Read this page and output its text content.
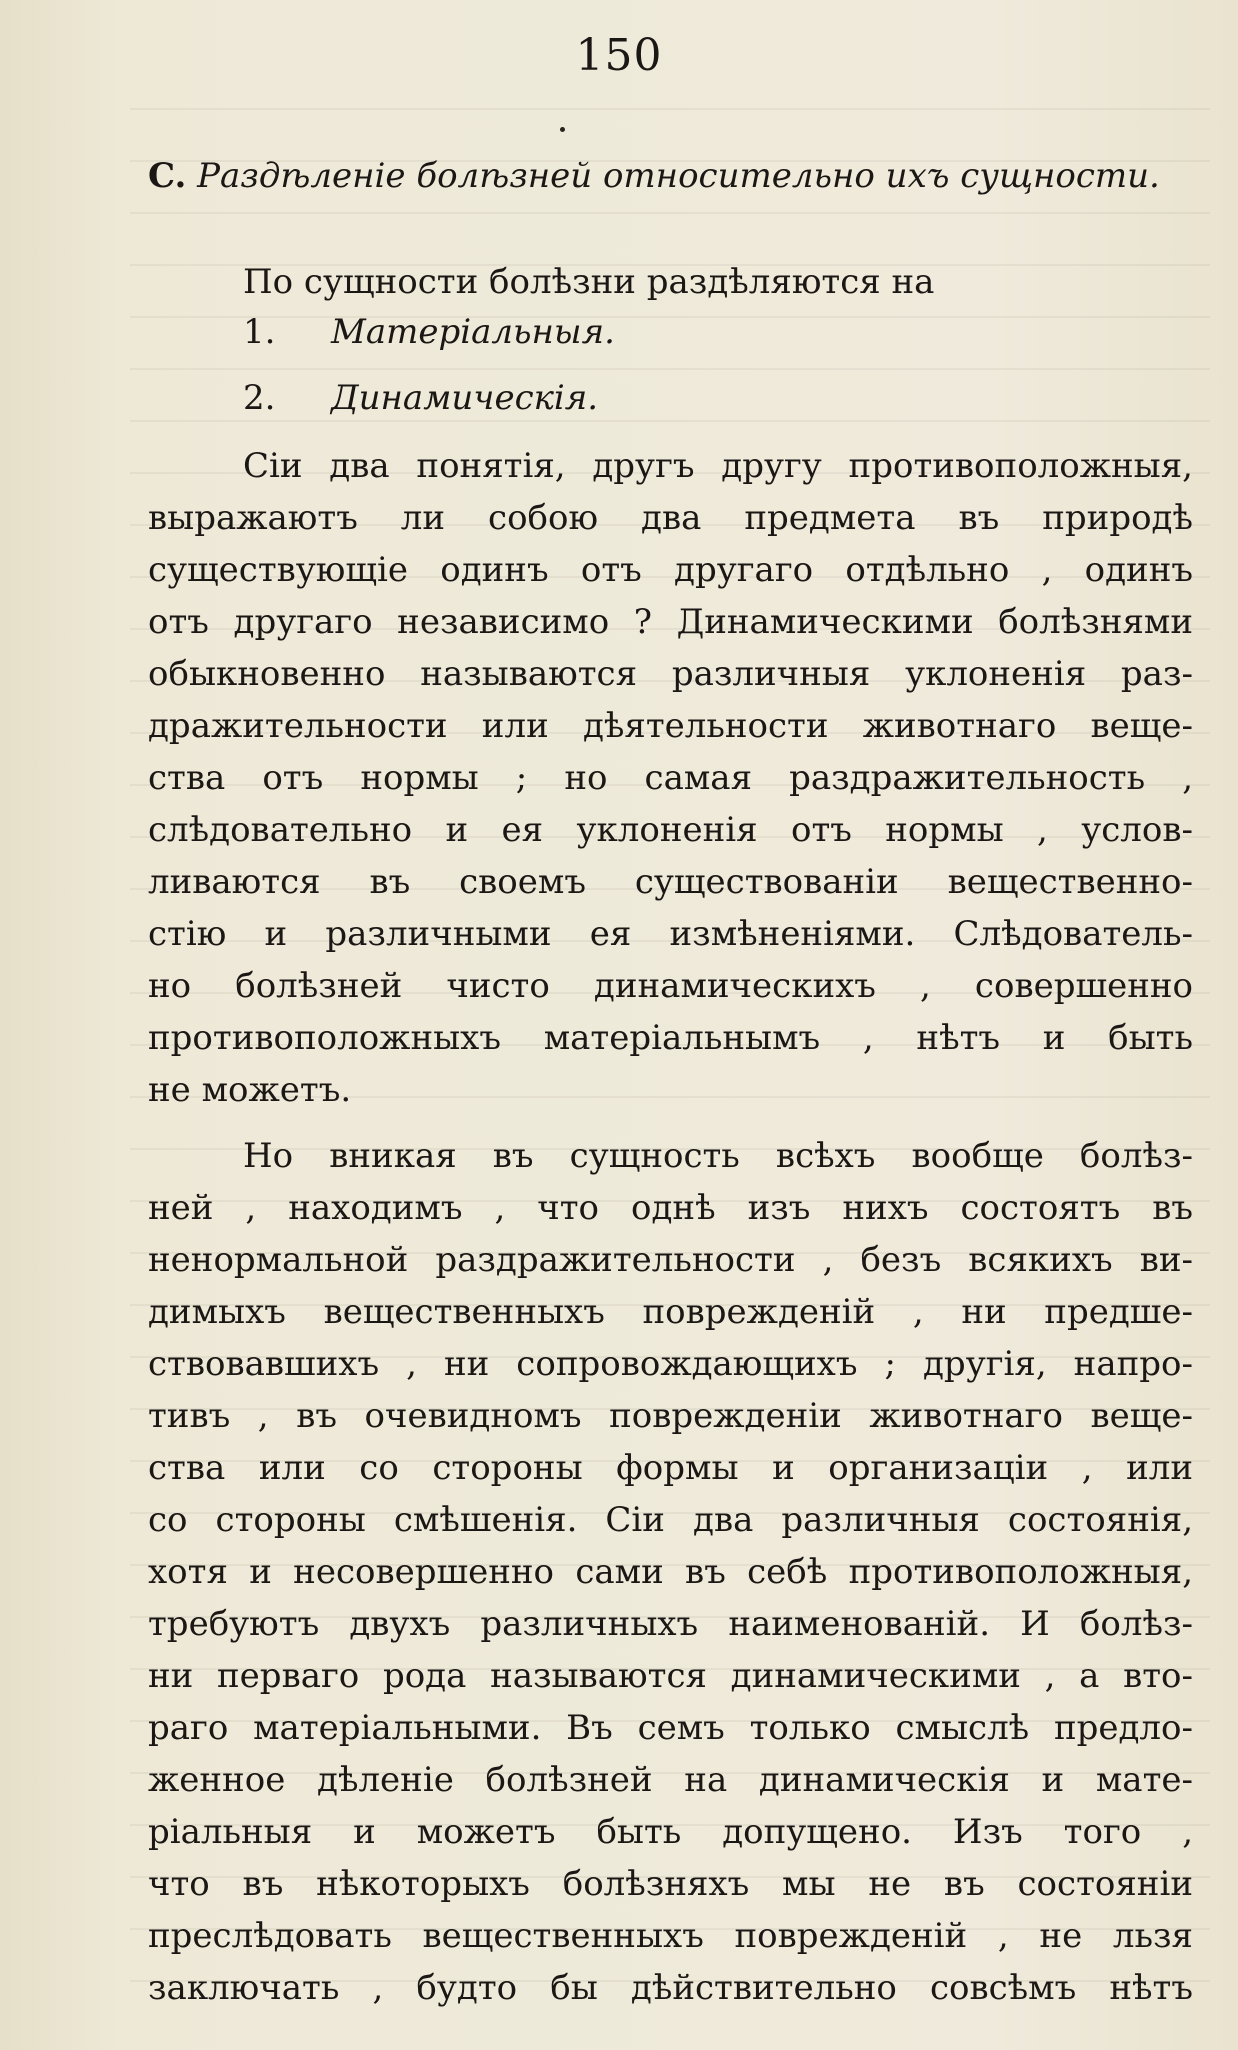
150
C. Раздѣленіе болѣзней относительно ихъ сущности.
По сущности болѣзни раздѣляются на
1. Матеріальныя.
2. Динамическія.
Сіи два понятія, другъ другу противоположныя,
выражаютъ ли собою два предмета въ природѣ
существующіе одинъ отъ другаго отдѣльно , одинъ
отъ другаго независимо ? Динамическими болѣзнями
обыкновенно называются различныя уклоненія раз-
дражительности или дѣятельности животнаго веще-
ства отъ нормы ; но самая раздражительность ,
слѣдовательно и ея уклоненія отъ нормы , услов-
ливаются въ своемъ существованіи вещественно-
стію и различными ея измѣненіями. Слѣдователь-
но болѣзней чисто динамическихъ , совершенно
противоположныхъ матеріальнымъ , нѣтъ и быть
не можетъ.
Но вникая въ сущность всѣхъ вообще болѣз-
ней , находимъ , что однѣ изъ нихъ состоятъ въ
ненормальной раздражительности , безъ всякихъ ви-
димыхъ вещественныхъ поврежденій , ни предше-
ствовавшихъ , ни сопровождающихъ ; другія, напро-
тивъ , въ очевидномъ поврежденіи животнаго веще-
ства или со стороны формы и организаціи , или
со стороны смѣшенія. Сіи два различныя состоянія,
хотя и несовершенно сами въ себѣ противоположныя,
требуютъ двухъ различныхъ наименованій. И болѣз-
ни перваго рода называются динамическими , а вто-
раго матеріальными. Въ семъ только смыслѣ предло-
женное дѣленіе болѣзней на динамическія и мате-
ріальныя и можетъ быть допущено. Изъ того ,
что въ нѣкоторыхъ болѣзняхъ мы не въ состояніи
преслѣдовать вещественныхъ поврежденій , не льзя
заключать , будто бы дѣйствительно совсѣмъ нѣтъ
